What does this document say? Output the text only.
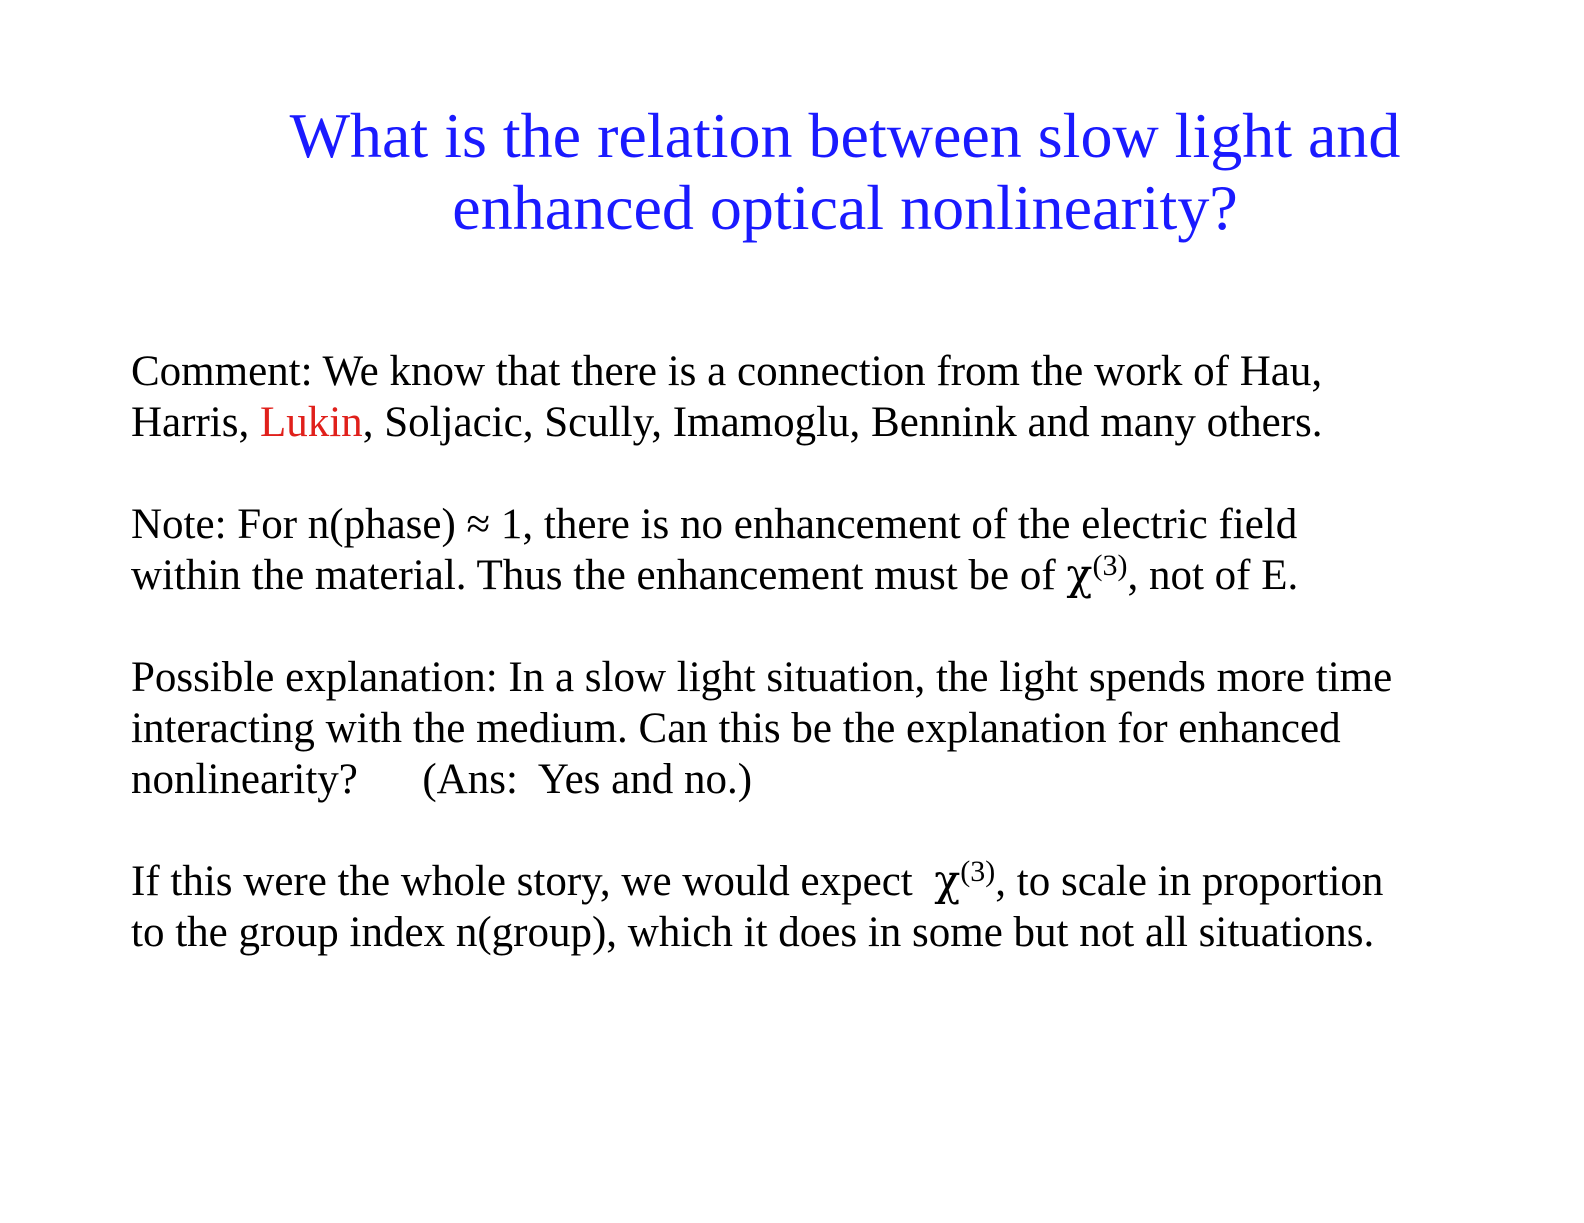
What is the relation between slow light and
enhanced optical nonlinearity?

Comment: We know that there is a connection from the work of Hau,
Harris, Lukin, Soljacic, Scully, Imamoglu, Bennink and many others.

Note: For n(phase) ≈ 1, there is no enhancement of the electric field
within the material. Thus the enhancement must be of $\chi^{(3)}$, not of E.

Possible explanation: In a slow light situation, the light spends more time
interacting with the medium. Can this be the explanation for enhanced
nonlinearity?      (Ans:  Yes and no.)

If this were the whole story, we would expect  $\chi^{(3)}$, to scale in proportion
to the group index n(group), which it does in some but not all situations.
